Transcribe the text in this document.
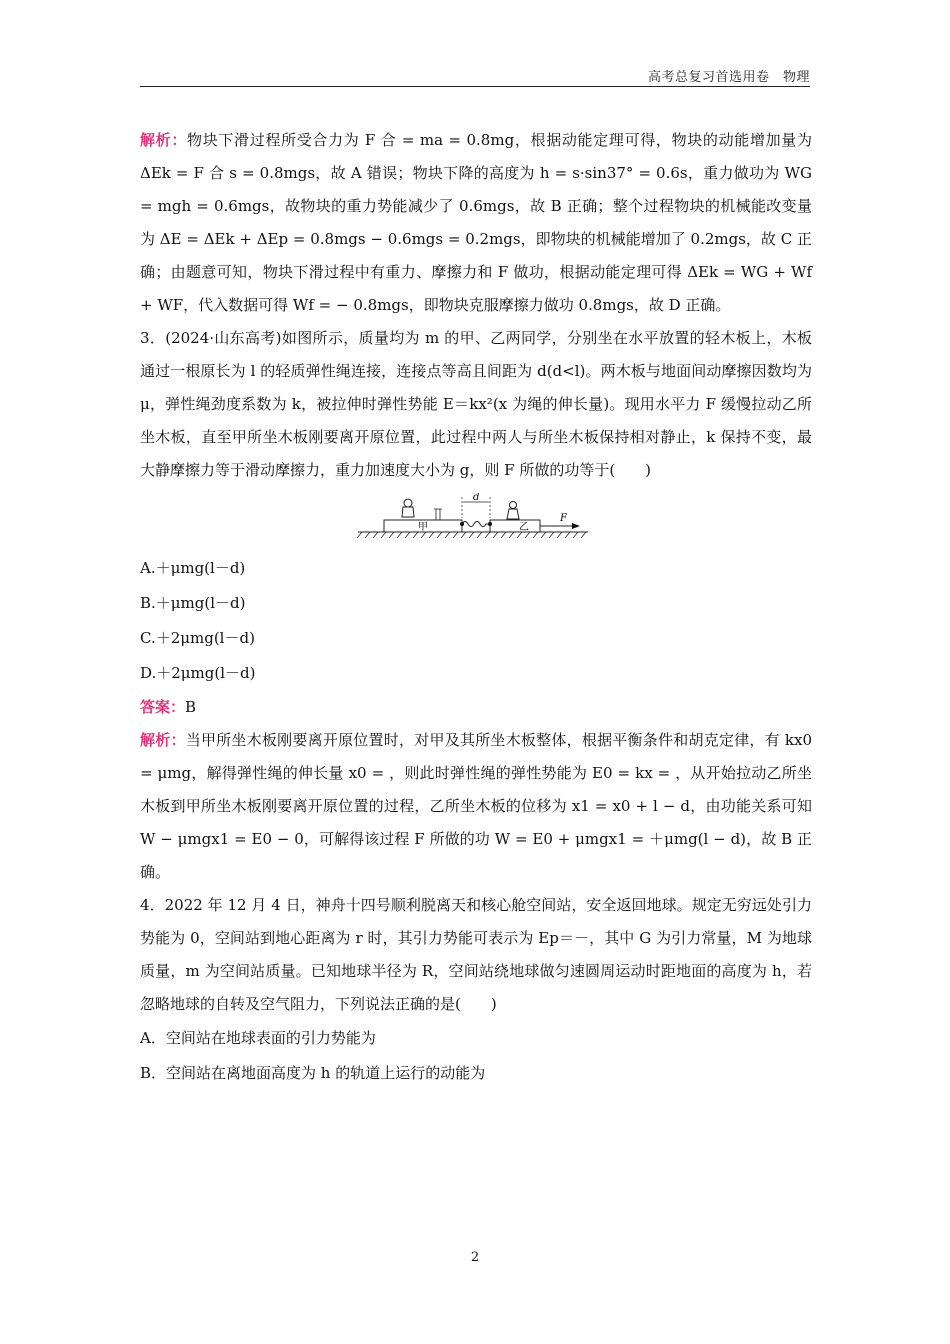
高考总复习首选用卷　物理

解析：物块下滑过程所受合力为 F 合 = ma = 0.8mg，根据动能定理可得，物块的动能增加量为 ΔEk = F 合 s = 0.8mgs，故 A 错误；物块下降的高度为 h = s·sin37° = 0.6s，重力做功为 WG = mgh = 0.6mgs，故物块的重力势能减少了 0.6mgs，故 B 正确；整个过程物块的机械能改变量为 ΔE = ΔEk + ΔEp = 0.8mgs − 0.6mgs = 0.2mgs，即物块的机械能增加了 0.2mgs，故 C 正确；由题意可知，物块下滑过程中有重力、摩擦力和 F 做功，根据动能定理可得 ΔEk = WG + Wf + WF，代入数据可得 Wf = − 0.8mgs，即物块克服摩擦力做功 0.8mgs，故 D 正确。

3．(2024·山东高考)如图所示，质量均为 m 的甲、乙两同学，分别坐在水平放置的轻木板上，木板通过一根原长为 l 的轻质弹性绳连接，连接点等高且间距为 d(d<l)。两木板与地面间动摩擦因数均为 μ，弹性绳劲度系数为 k，被拉伸时弹性势能 E＝kx²(x 为绳的伸长量)。现用水平力 F 缓慢拉动乙所坐木板，直至甲所坐木板刚要离开原位置，此过程中两人与所坐木板保持相对静止，k 保持不变，最大静摩擦力等于滑动摩擦力，重力加速度大小为 g，则 F 所做的功等于(　　)

甲	乙
d
F

A.＋μmg(l－d)

B.＋μmg(l－d)

C.＋2μmg(l－d)

D.＋2μmg(l－d)

答案：B

解析：当甲所坐木板刚要离开原位置时，对甲及其所坐木板整体，根据平衡条件和胡克定律，有 kx0 = μmg，解得弹性绳的伸长量 x0 = ，则此时弹性绳的弹性势能为 E0 = kx = ，从开始拉动乙所坐木板到甲所坐木板刚要离开原位置的过程，乙所坐木板的位移为 x1 = x0 + l − d，由功能关系可知 W − μmgx1 = E0 − 0，可解得该过程 F 所做的功 W = E0 + μmgx1 = ＋μmg(l − d)，故 B 正确。

4．2022 年 12 月 4 日，神舟十四号顺利脱离天和核心舱空间站，安全返回地球。规定无穷远处引力势能为 0，空间站到地心距离为 r 时，其引力势能可表示为 Ep＝－，其中 G 为引力常量，M 为地球质量，m 为空间站质量。已知地球半径为 R，空间站绕地球做匀速圆周运动时距地面的高度为 h，若忽略地球的自转及空气阻力，下列说法正确的是(　　)

A．空间站在地球表面的引力势能为

B．空间站在离地面高度为 h 的轨道上运行的动能为

2
